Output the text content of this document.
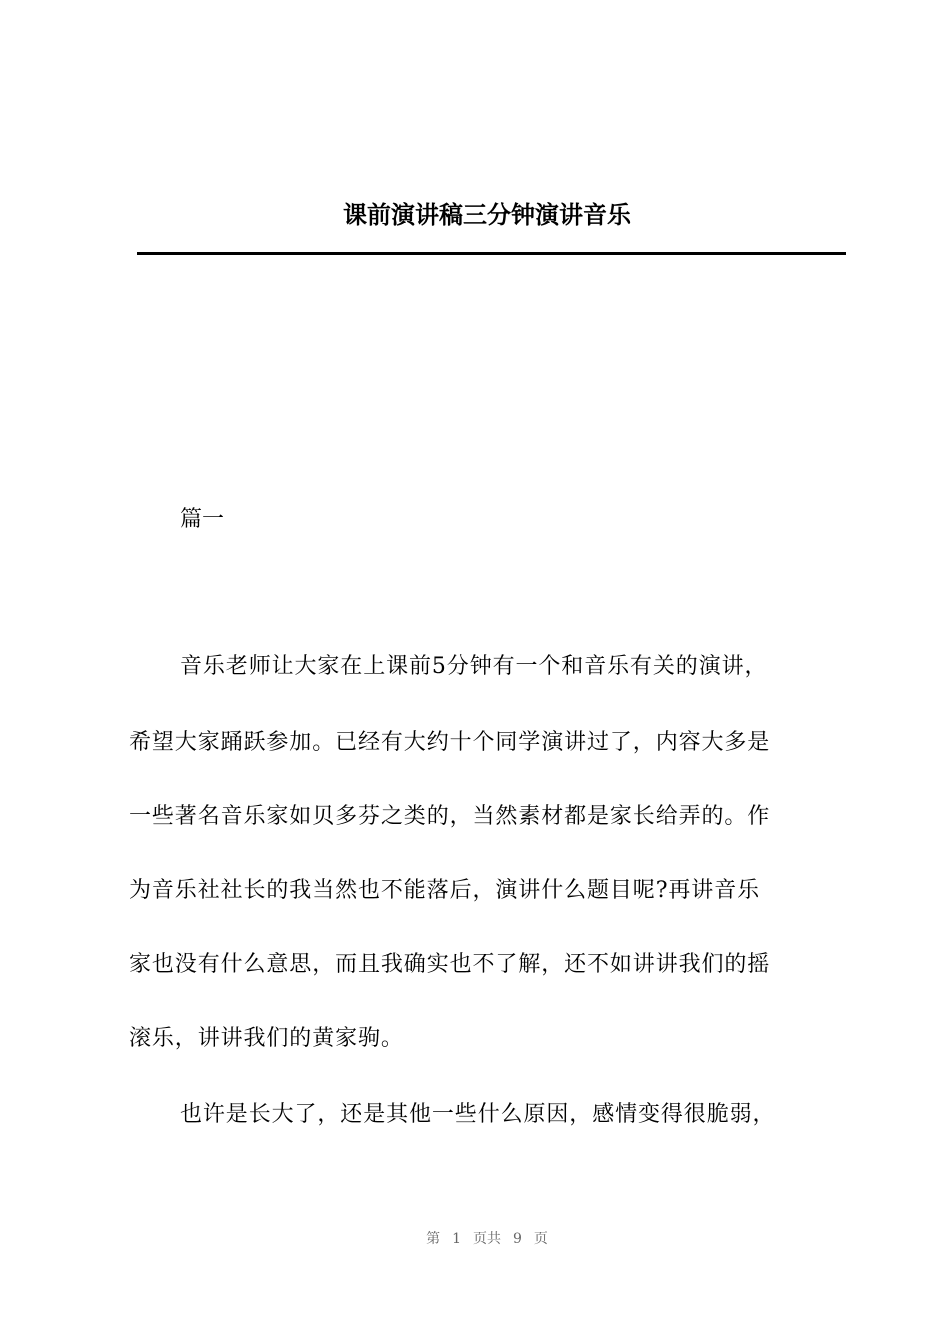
课前演讲稿三分钟演讲音乐
篇一
音乐老师让大家在上课前5分钟有一个和音乐有关的演讲，
希望大家踊跃参加。已经有大约十个同学演讲过了，内容大多是
一些著名音乐家如贝多芬之类的，当然素材都是家长给弄的。作
为音乐社社长的我当然也不能落后，演讲什么题目呢?再讲音乐
家也没有什么意思，而且我确实也不了解，还不如讲讲我们的摇
滚乐，讲讲我们的黄家驹。
也许是长大了，还是其他一些什么原因，感情变得很脆弱，
第 1 页共 9 页
